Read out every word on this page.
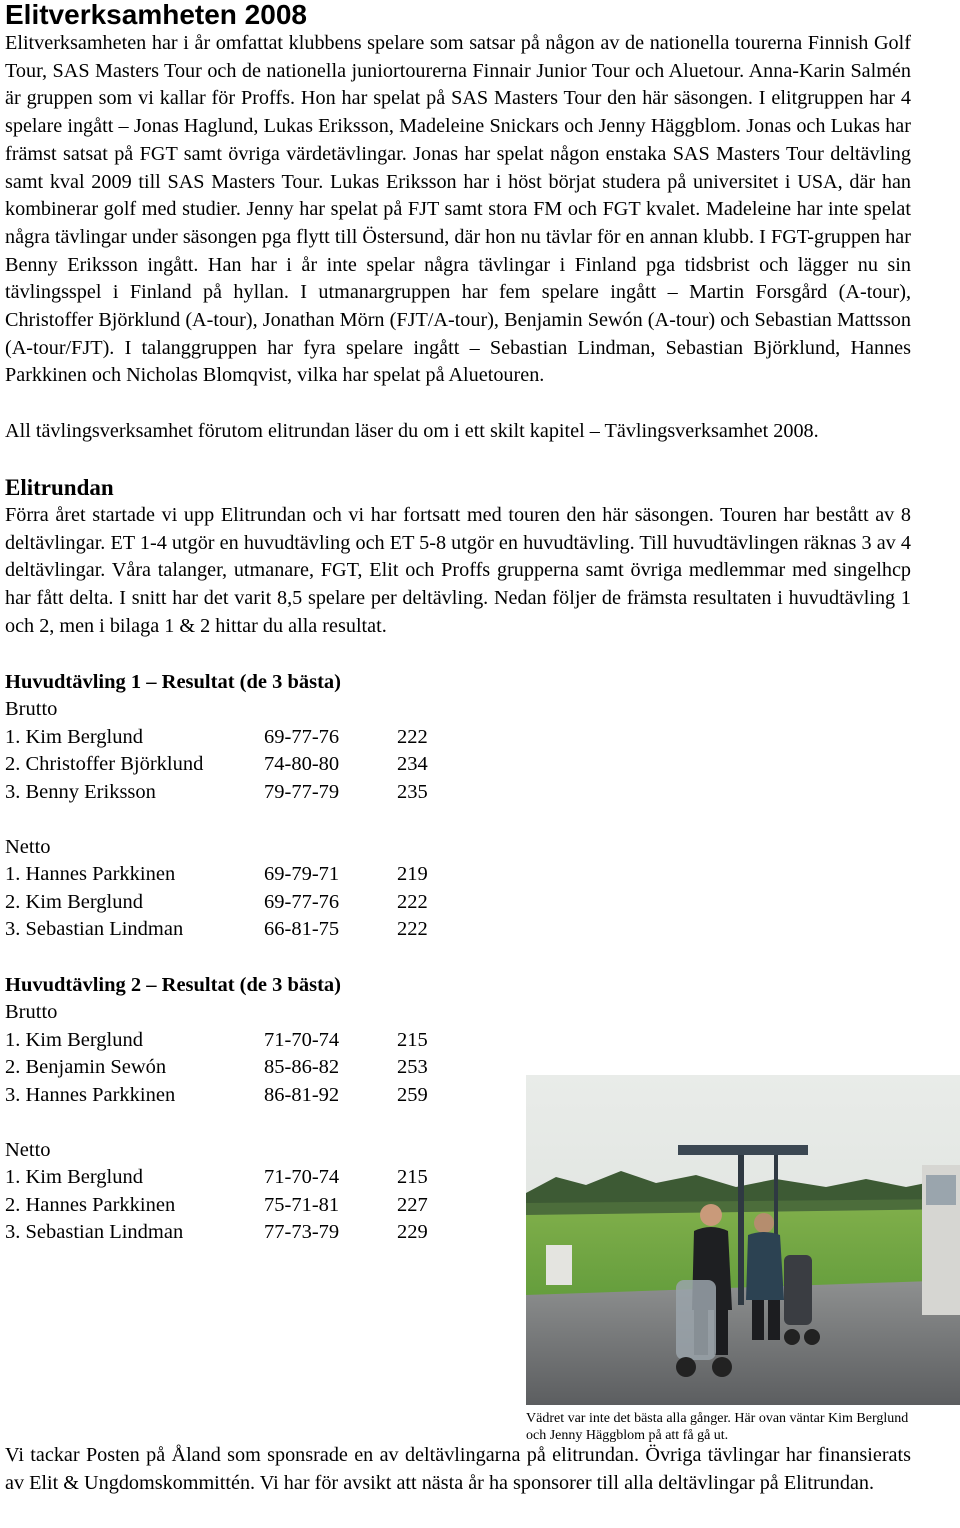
Elitverksamheten 2008

Elitverksamheten har i år omfattat klubbens spelare som satsar på någon av de nationella tourerna Finnish Golf Tour, SAS Masters Tour och de nationella juniortourerna Finnair Junior Tour och Aluetour. Anna-Karin Salmén är gruppen som vi kallar för Proffs. Hon har spelat på SAS Masters Tour den här säsongen. I elitgruppen har 4 spelare ingått – Jonas Haglund, Lukas Eriksson, Madeleine Snickars och Jenny Häggblom. Jonas och Lukas har främst satsat på FGT samt övriga värdetävlingar. Jonas har spelat någon enstaka SAS Masters Tour deltävling samt kval 2009 till SAS Masters Tour. Lukas Eriksson har i höst börjat studera på universitet i USA, där han kombinerar golf med studier. Jenny har spelat på FJT samt stora FM och FGT kvalet. Madeleine har inte spelat några tävlingar under säsongen pga flytt till Östersund, där hon nu tävlar för en annan klubb. I FGT-gruppen har Benny Eriksson ingått. Han har i år inte spelar några tävlingar i Finland pga tidsbrist och lägger nu sin tävlingsspel i Finland på hyllan. I utmanargruppen har fem spelare ingått – Martin Forsgård (A-tour), Christoffer Björklund (A-tour), Jonathan Mörn (FJT/A-tour), Benjamin Sewón (A-tour) och Sebastian Mattsson (A-tour/FJT). I talanggruppen har fyra spelare ingått – Sebastian Lindman, Sebastian Björklund, Hannes Parkkinen och Nicholas Blomqvist, vilka har spelat på Aluetouren.

All tävlingsverksamhet förutom elitrundan läser du om i ett skilt kapitel – Tävlingsverksamhet 2008.

Elitrundan

Förra året startade vi upp Elitrundan och vi har fortsatt med touren den här säsongen. Touren har bestått av 8 deltävlingar. ET 1-4 utgör en huvudtävling och ET 5-8 utgör en huvudtävling. Till huvudtävlingen räknas 3 av 4 deltävlingar. Våra talanger, utmanare, FGT, Elit och Proffs grupperna samt övriga medlemmar med singelhcp har fått delta. I snitt har det varit 8,5 spelare per deltävling. Nedan följer de främsta resultaten i huvudtävling 1 och 2, men i bilaga 1 & 2 hittar du alla resultat.

Huvudtävling 1 – Resultat (de 3 bästa)

Brutto

1. Kim Berglund	69-77-76	222
2. Christoffer Björklund	74-80-80	234
3. Benny Eriksson	79-77-79	235

Netto

1. Hannes Parkkinen	69-79-71	219
2. Kim Berglund	69-77-76	222
3. Sebastian Lindman	66-81-75	222
Huvudtävling 2 – Resultat (de 3 bästa)

Brutto

1. Kim Berglund	71-70-74	215
2. Benjamin Sewón	85-86-82	253
3. Hannes Parkkinen	86-81-92	259

Netto

1. Kim Berglund	71-70-74	215
2. Hannes Parkkinen	75-71-81	227
3. Sebastian Lindman	77-73-79	229

Vädret var inte det bästa alla gånger. Här ovan väntar Kim Berglund och Jenny Häggblom på att få gå ut.

Vi tackar Posten på Åland som sponsrade en av deltävlingarna på elitrundan. Övriga tävlingar har finansierats av Elit & Ungdomskommittén. Vi har för avsikt att nästa år ha sponsorer till alla deltävlingar på Elitrundan.
